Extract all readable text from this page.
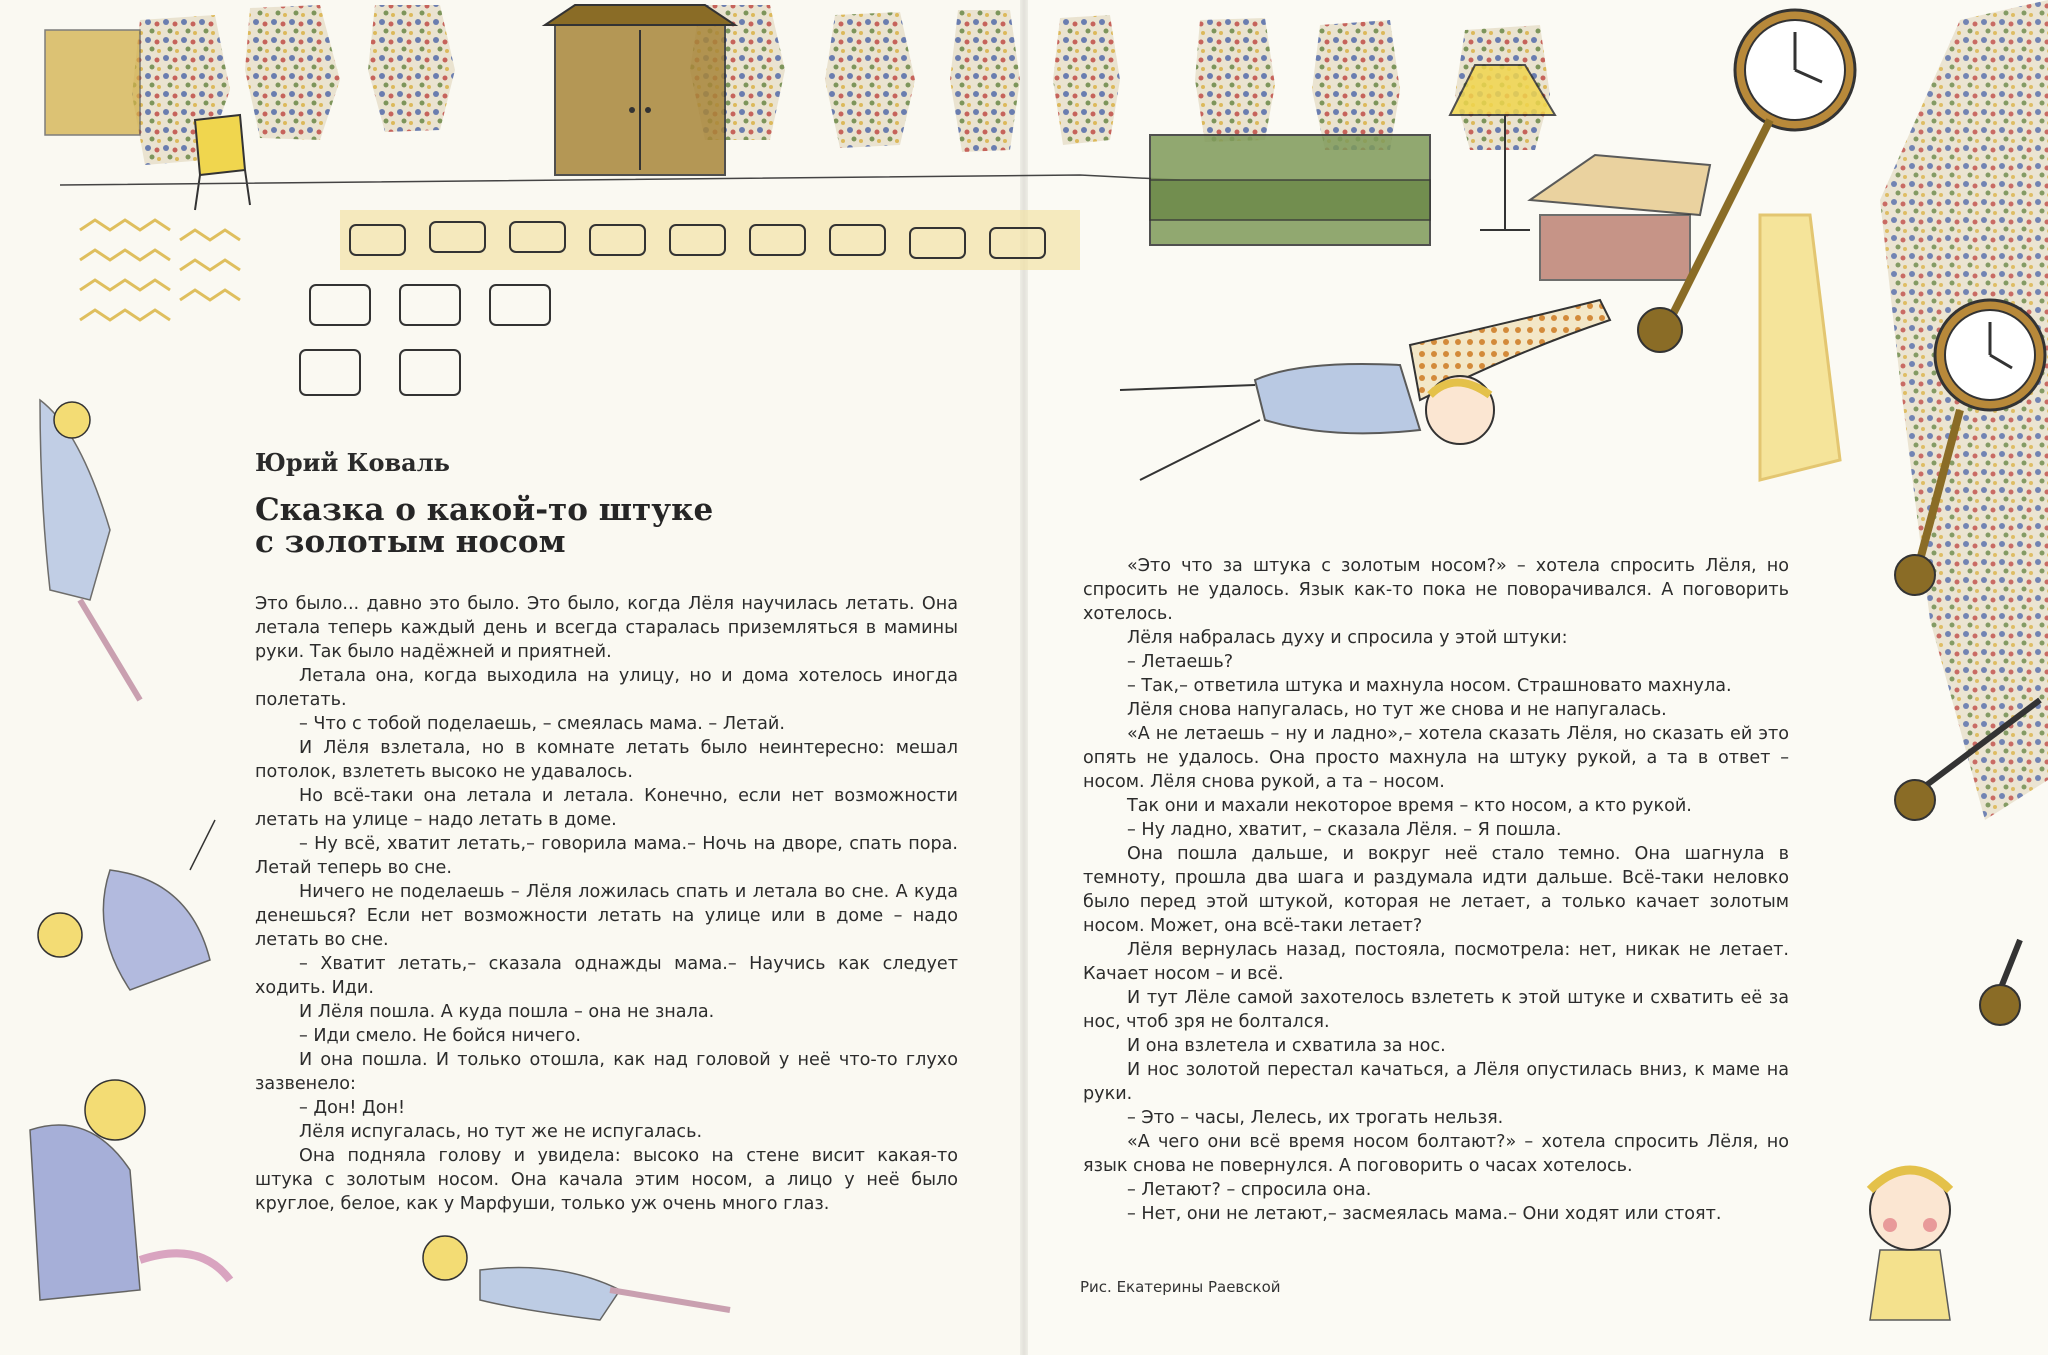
Юрий Коваль
Сказка о какой-то штуке
с золотым носом

Это было... давно это было. Это было, когда Лёля научилась летать. Она летала теперь каждый день и всегда старалась приземляться в мамины руки. Так было надёжней и приятней.

Летала она, когда выходила на улицу, но и дома хотелось иногда полетать.

– Что с тобой поделаешь, – смеялась мама. – Летай.

И Лёля взлетала, но в комнате летать было неинтересно: мешал потолок, взлететь высоко не удавалось.

Но всё-таки она летала и летала. Конечно, если нет возможности летать на улице – надо летать в доме.

– Ну всё, хватит летать,– говорила мама.– Ночь на дворе, спать пора. Летай теперь во сне.

Ничего не поделаешь – Лёля ложилась спать и летала во сне. А куда денешься? Если нет возможности летать на улице или в доме – надо летать во сне.

– Хватит летать,– сказала однажды мама.– Научись как следует ходить. Иди.

И Лёля пошла. А куда пошла – она не знала.

– Иди смело. Не бойся ничего.

И она пошла. И только отошла, как над головой у неё что-то глухо зазвенело:

– Дон! Дон!

Лёля испугалась, но тут же не испугалась.

Она подняла голову и увидела: высоко на стене висит какая-то штука с золотым носом. Она качала этим носом, а лицо у неё было круглое, белое, как у Марфуши, только уж очень много глаз.

«Это что за штука с золотым носом?» – хотела спросить Лёля, но спросить не удалось. Язык как-то пока не поворачивался. А поговорить хотелось.

Лёля набралась духу и спросила у этой штуки:

– Летаешь?

– Так,– ответила штука и махнула носом. Страшновато махнула.

Лёля снова напугалась, но тут же снова и не напугалась.

«А не летаешь – ну и ладно»,– хотела сказать Лёля, но сказать ей это опять не удалось. Она просто махнула на штуку рукой, а та в ответ – носом. Лёля снова рукой, а та – носом.

Так они и махали некоторое время – кто носом, а кто рукой.

– Ну ладно, хватит, – сказала Лёля. – Я пошла.

Она пошла дальше, и вокруг неё стало темно. Она шагнула в темноту, прошла два шага и раздумала идти дальше. Всё-таки неловко было перед этой штукой, которая не летает, а только качает золотым носом. Может, она всё-таки летает?

Лёля вернулась назад, постояла, посмотрела: нет, никак не летает. Качает носом – и всё.

И тут Лёле самой захотелось взлететь к этой штуке и схватить её за нос, чтоб зря не болтался.

И она взлетела и схватила за нос.

И нос золотой перестал качаться, а Лёля опустилась вниз, к маме на руки.

– Это – часы, Лелесь, их трогать нельзя.

«А чего они всё время носом болтают?» – хотела спросить Лёля, но язык снова не повернулся. А поговорить о часах хотелось.

– Летают? – спросила она.

– Нет, они не летают,– засмеялась мама.– Они ходят или стоят.

Рис. Екатерины Раевской
